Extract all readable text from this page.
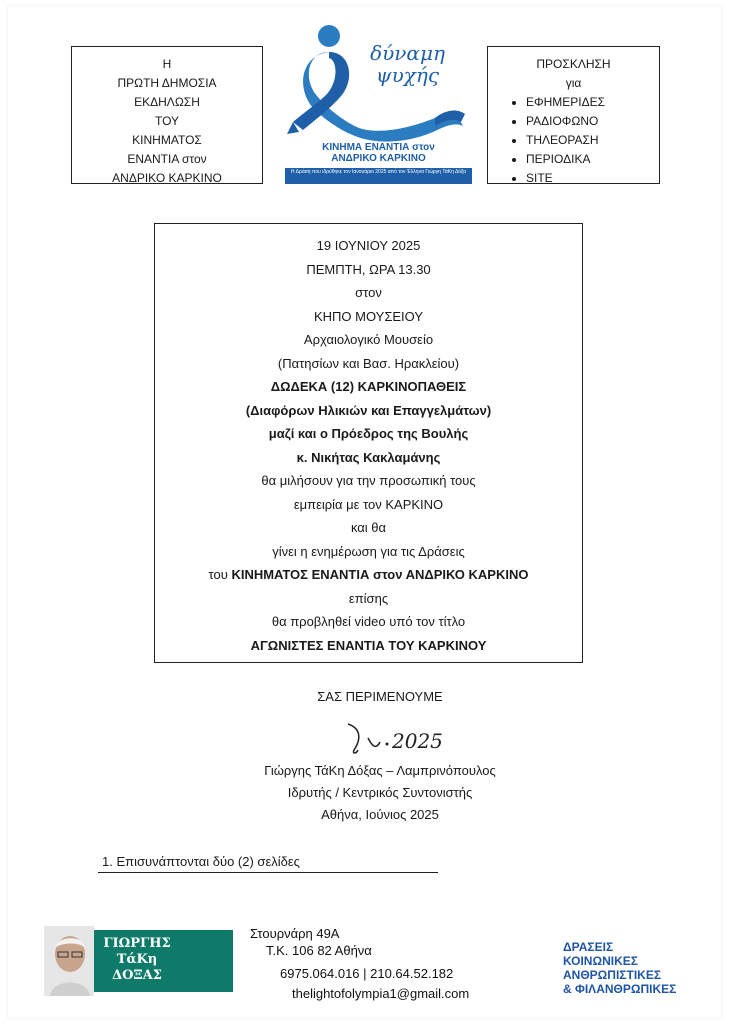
Η
ΠΡΩΤΗ ΔΗΜΟΣΙΑ
ΕΚΔΗΛΩΣΗ
ΤΟΥ
ΚΙΝΗΜΑΤΟΣ
ΕΝΑΝΤΙΑ στον
ΑΝΔΡΙΚΟ ΚΑΡΚΙΝΟ
δύναμη ψυχής
ΚΙΝΗΜΑ ΕΝΑΝΤΙΑ στον
ΑΝΔΡΙΚΟ ΚΑΡΚΙΝΟ
Η Δράση που ιδρύθηκε τον Ιανουάριο 2025 από τον Έλληνα Γιώργη ΤάΚη Δόξα
ΠΡΟΣΚΛΗΣΗ
για
• ΕΦΗΜΕΡΙΔΕΣ
• ΡΑΔΙΟΦΩΝΟ
• ΤΗΛΕΟΡΑΣΗ
• ΠΕΡΙΟΔΙΚΑ
• SITE
19 ΙΟΥΝΙΟΥ 2025
ΠΕΜΠΤΗ, ΩΡΑ 13.30
στον
ΚΗΠΟ ΜΟΥΣΕΙΟΥ
Αρχαιολογικό Μουσείο
(Πατησίων και Βασ. Ηρακλείου)
ΔΩΔΕΚΑ (12) ΚΑΡΚΙΝΟΠΑΘΕΙΣ
(Διαφόρων Ηλικιών και Επαγγελμάτων)
μαζί και ο Πρόεδρος της Βουλής
κ. Νικήτας Κακλαμάνης
θα μιλήσουν για την προσωπική τους
εμπειρία με τον ΚΑΡΚΙΝΟ
και θα
γίνει η ενημέρωση για τις Δράσεις
του ΚΙΝΗΜΑΤΟΣ ΕΝΑΝΤΙΑ στον ΑΝΔΡΙΚΟ ΚΑΡΚΙΝΟ
επίσης
θα προβληθεί video υπό τον τίτλο
ΑΓΩΝΙΣΤΕΣ ΕΝΑΝΤΙΑ ΤΟΥ ΚΑΡΚΙΝΟΥ
ΣΑΣ ΠΕΡΙΜΕΝΟΥΜΕ
2025
Γιώργης ΤάΚη Δόξας – Λαμπρινόπουλος
Ιδρυτής / Κεντρικός Συντονιστής
Αθήνα, Ιούνιος 2025
1. Επισυνάπτονται δύο (2) σελίδες
ΓΙΩΡΓΗΣ
ΤάΚη
ΔΟΞΑΣ
Στουρνάρη 49Α
Τ.Κ. 106 82 Αθήνα
6975.064.016 | 210.64.52.182
thelightofolympia1@gmail.com
ΔΡΑΣΕΙΣ
ΚΟΙΝΩΝΙΚΕΣ
ΑΝΘΡΩΠΙΣΤΙΚΕΣ
& ΦΙΛΑΝΘΡΩΠΙΚΕΣ
